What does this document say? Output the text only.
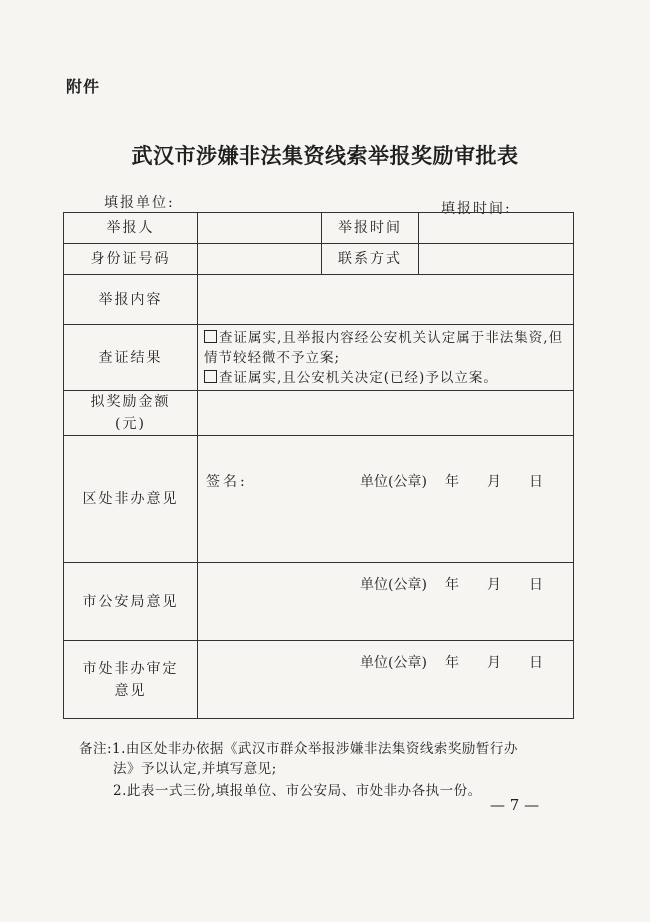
附件
武汉市涉嫌非法集资线索举报奖励审批表
填报单位:	填报时间:
举报人		举报时间	
身份证号码		联系方式	
举报内容			
查证结果	查证属实,且举报内容经公安机关认定属于非法集资,但情节较轻微不予立案;
查证属实,且公安机关决定(已经)予以立案。		

拟奖励金额
(元)			

区处非办意见	签名: 单位(公章) 年 月 日		

市公安局意见	单位(公章) 年 月 日		

市处非办审定
意见	单位(公章) 年 月 日		
备注:1.由区处非办依据《武汉市群众举报涉嫌非法集资线索奖励暂行办
法》予以认定,并填写意见;
2.此表一式三份,填报单位、市公安局、市处非办各执一份。
— 7 —
